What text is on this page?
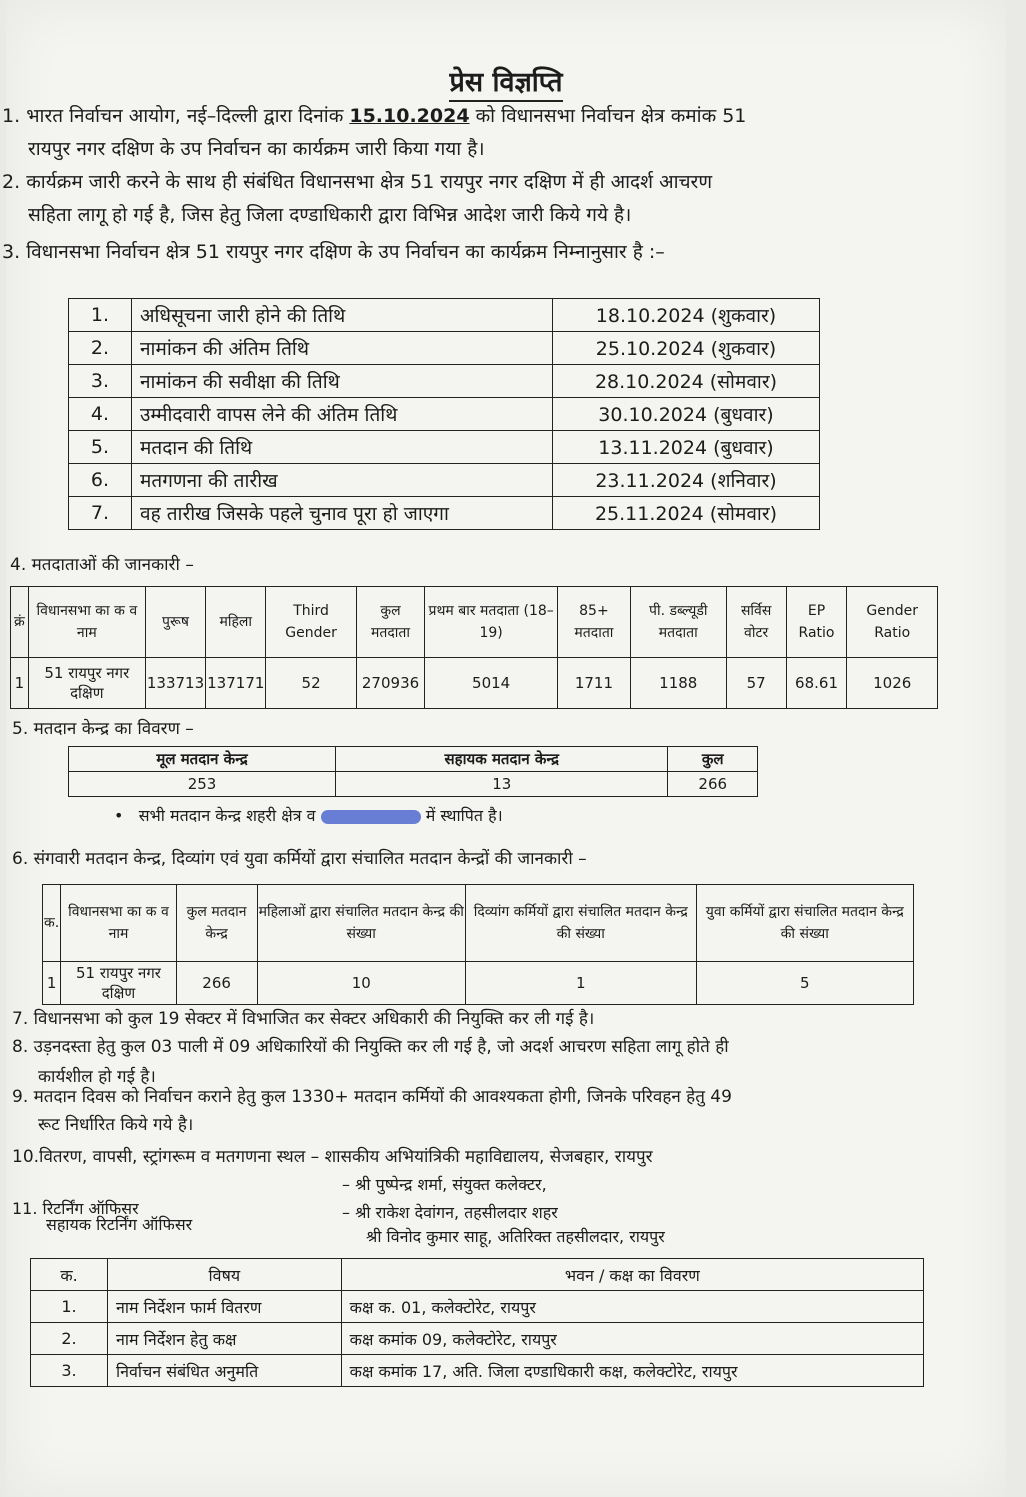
प्रेस विज्ञप्ति
1. भारत निर्वाचन आयोग, नई–दिल्ली द्वारा दिनांक 15.10.2024 को विधानसभा निर्वाचन क्षेत्र कमांक 51
रायपुर नगर दक्षिण के उप निर्वाचन का कार्यक्रम जारी किया गया है।
2. कार्यक्रम जारी करने के साथ ही संबंधित विधानसभा क्षेत्र 51 रायपुर नगर दक्षिण में ही आदर्श आचरण
सहिता लागू हो गई है, जिस हेतु जिला दण्डाधिकारी द्वारा विभिन्न आदेश जारी किये गये है।
3. विधानसभा निर्वाचन क्षेत्र 51 रायपुर नगर दक्षिण के उप निर्वाचन का कार्यक्रम निम्नानुसार है :–
1.	अधिसूचना जारी होने की तिथि	18.10.2024 (शुकवार)
2.	नामांकन की अंतिम तिथि	25.10.2024 (शुकवार)
3.	नामांकन की सवीक्षा की तिथि	28.10.2024 (सोमवार)
4.	उम्मीदवारी वापस लेने की अंतिम तिथि	30.10.2024 (बुधवार)
5.	मतदान की तिथि	13.11.2024 (बुधवार)
6.	मतगणना की तारीख	23.11.2024 (शनिवार)
7.	वह तारीख जिसके पहले चुनाव पूरा हो जाएगा	25.11.2024 (सोमवार)
4. मतदाताओं की जानकारी –
क्रं	विधानसभा का क व नाम	पुरूष	महिला	Third Gender	कुल मतदाता	प्रथम बार मतदाता (18–19)	85+ मतदाता	पी. डब्ल्यूडी मतदाता	सर्विस वोटर	EP Ratio	Gender Ratio
1	51 रायपुर नगर दक्षिण	133713	137171	52	270936	5014	1711	1188	57	68.61	1026
5. मतदान केन्द्र का विवरण –
मूल मतदान केन्द्र	सहायक मतदान केन्द्र	कुल
253	13	266
• सभी मतदान केन्द्र शहरी क्षेत्र व	में स्थापित है।
6. संगवारी मतदान केन्द्र, दिव्यांग एवं युवा कर्मियों द्वारा संचालित मतदान केन्द्रों की जानकारी –
क.	विधानसभा का क व नाम	कुल मतदान केन्द्र	महिलाओं द्वारा संचालित मतदान केन्द्र की संख्या	दिव्यांग कर्मियों द्वारा संचालित मतदान केन्द्र की संख्या	युवा कर्मियों द्वारा संचालित मतदान केन्द्र की संख्या
1	51 रायपुर नगर दक्षिण	266	10	1	5
7. विधानसभा को कुल 19 सेक्टर में विभाजित कर सेक्टर अधिकारी की नियुक्ति कर ली गई है।
8. उड़नदस्ता हेतु कुल 03 पाली में 09 अधिकारियों की नियुक्ति कर ली गई है, जो अदर्श आचरण सहिता लागू होते ही
कार्यशील हो गई है।
9. मतदान दिवस को निर्वाचन कराने हेतु कुल 1330+ मतदान कर्मियों की आवश्यकता होगी, जिनके परिवहन हेतु 49
रूट निर्धारित किये गये है।
10.वितरण, वापसी, स्ट्रांगरूम व मतगणना स्थल – शासकीय अभियांत्रिकी महाविद्यालय, सेजबहार, रायपुर
11. रिटर्निंग ऑफिसर
सहायक रिटर्निंग ऑफिसर
– श्री पुष्पेन्द्र शर्मा, संयुक्त कलेक्टर,
– श्री राकेश देवांगन, तहसीलदार शहर
श्री विनोद कुमार साहू, अतिरिक्त तहसीलदार, रायपुर
क.	विषय	भवन / कक्ष का विवरण
1.	नाम निर्देशन फार्म वितरण	कक्ष क. 01, कलेक्टोरेट, रायपुर
2.	नाम निर्देशन हेतु कक्ष	कक्ष कमांक 09, कलेक्टोरेट, रायपुर
3.	निर्वाचन संबंधित अनुमति	कक्ष कमांक 17, अति. जिला दण्डाधिकारी कक्ष, कलेक्टोरेट, रायपुर
